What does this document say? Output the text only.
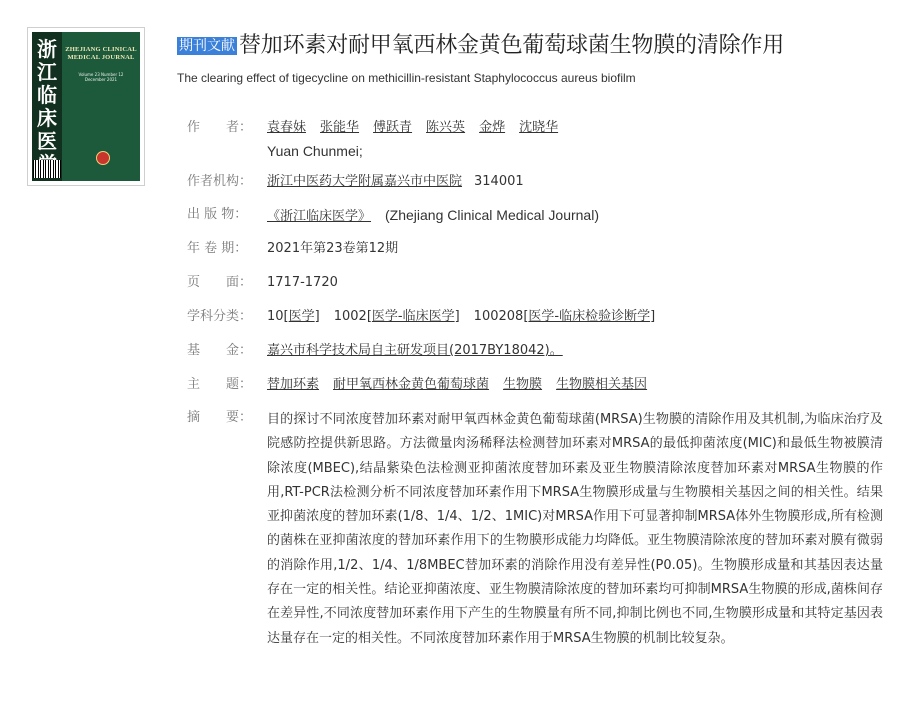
浙江临床医
ZHEJIANG CLINICAL MEDICAL JOURNAL
Volume 23 Number 12
December 2021
期刊文献 替加环素对耐甲氧西林金黄色葡萄球菌生物膜的清除作用
The clearing effect of tigecycline on methicillin-resistant Staphylococcus aureus biofilm
作　　者：	袁春妹 张能华 傅跃青 陈兴英 金烨 沈晓华
Yuan Chunmei;
作者机构：	浙江中医药大学附属嘉兴市中医院 314001
出 版 物：	《浙江临床医学》 (Zhejiang Clinical Medical Journal)
年 卷 期：	2021年第23卷第12期
页　　面：	1717-1720
学科分类：	10[医学] 1002[医学-临床医学] 100208[医学-临床检验诊断学]
基　　金：	嘉兴市科学技术局自主研发项目(2017BY18042)。
主　　题：	替加环素 耐甲氧西林金黄色葡萄球菌 生物膜 生物膜相关基因
摘　　要：	目的探讨不同浓度替加环素对耐甲氧西林金黄色葡萄球菌(MRSA)生物膜的清除作用及其机制,为临床治疗及院感防控提供新思路。方法微量肉汤稀释法检测替加环素对MRSA的最低抑菌浓度(MIC)和最低生物被膜清除浓度(MBEC),结晶紫染色法检测亚抑菌浓度替加环素及亚生物膜清除浓度替加环素对MRSA生物膜的作用,RT-PCR法检测分析不同浓度替加环素作用下MRSA生物膜形成量与生物膜相关基因之间的相关性。结果亚抑菌浓度的替加环素(1/8、1/4、1/2、1MIC)对MRSA作用下可显著抑制MRSA体外生物膜形成,所有检测的菌株在亚抑菌浓度的替加环素作用下的生物膜形成能力均降低。亚生物膜清除浓度的替加环素对膜有微弱的消除作用,1/2、1/4、1/8MBEC替加环素的消除作用没有差异性(P0.05)。生物膜形成量和其基因表达量存在一定的相关性。结论亚抑菌浓度、亚生物膜清除浓度的替加环素均可抑制MRSA生物膜的形成,菌株间存在差异性,不同浓度替加环素作用下产生的生物膜量有所不同,抑制比例也不同,生物膜形成量和其特定基因表达量存在一定的相关性。不同浓度替加环素作用于MRSA生物膜的机制比较复杂。
